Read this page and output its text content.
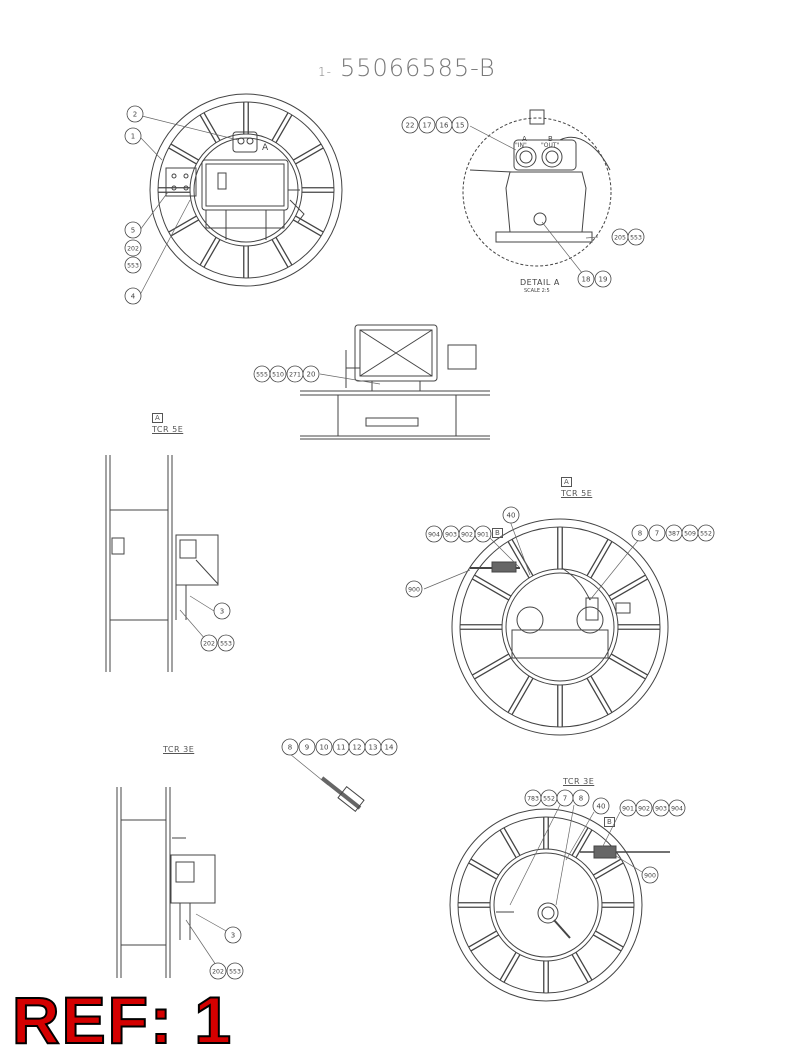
1- 55066585-B
2
1
5
202
553
4
22 17 16 15
205 553
18 19
555 510 271 20
3
202 553
40
904 903 902 901
900
8 7 387 509 552
8 9 10 11 12 13 14
3
202 553
783 552 7 8
40	901 902 903 904
900
A
A
"IN"
B
"OUT"
DETAIL A
SCALE 2:5
A
TCR 5E
A
TCR 5E
TCR 3E
TCR 3E
B
B
REF: 1
